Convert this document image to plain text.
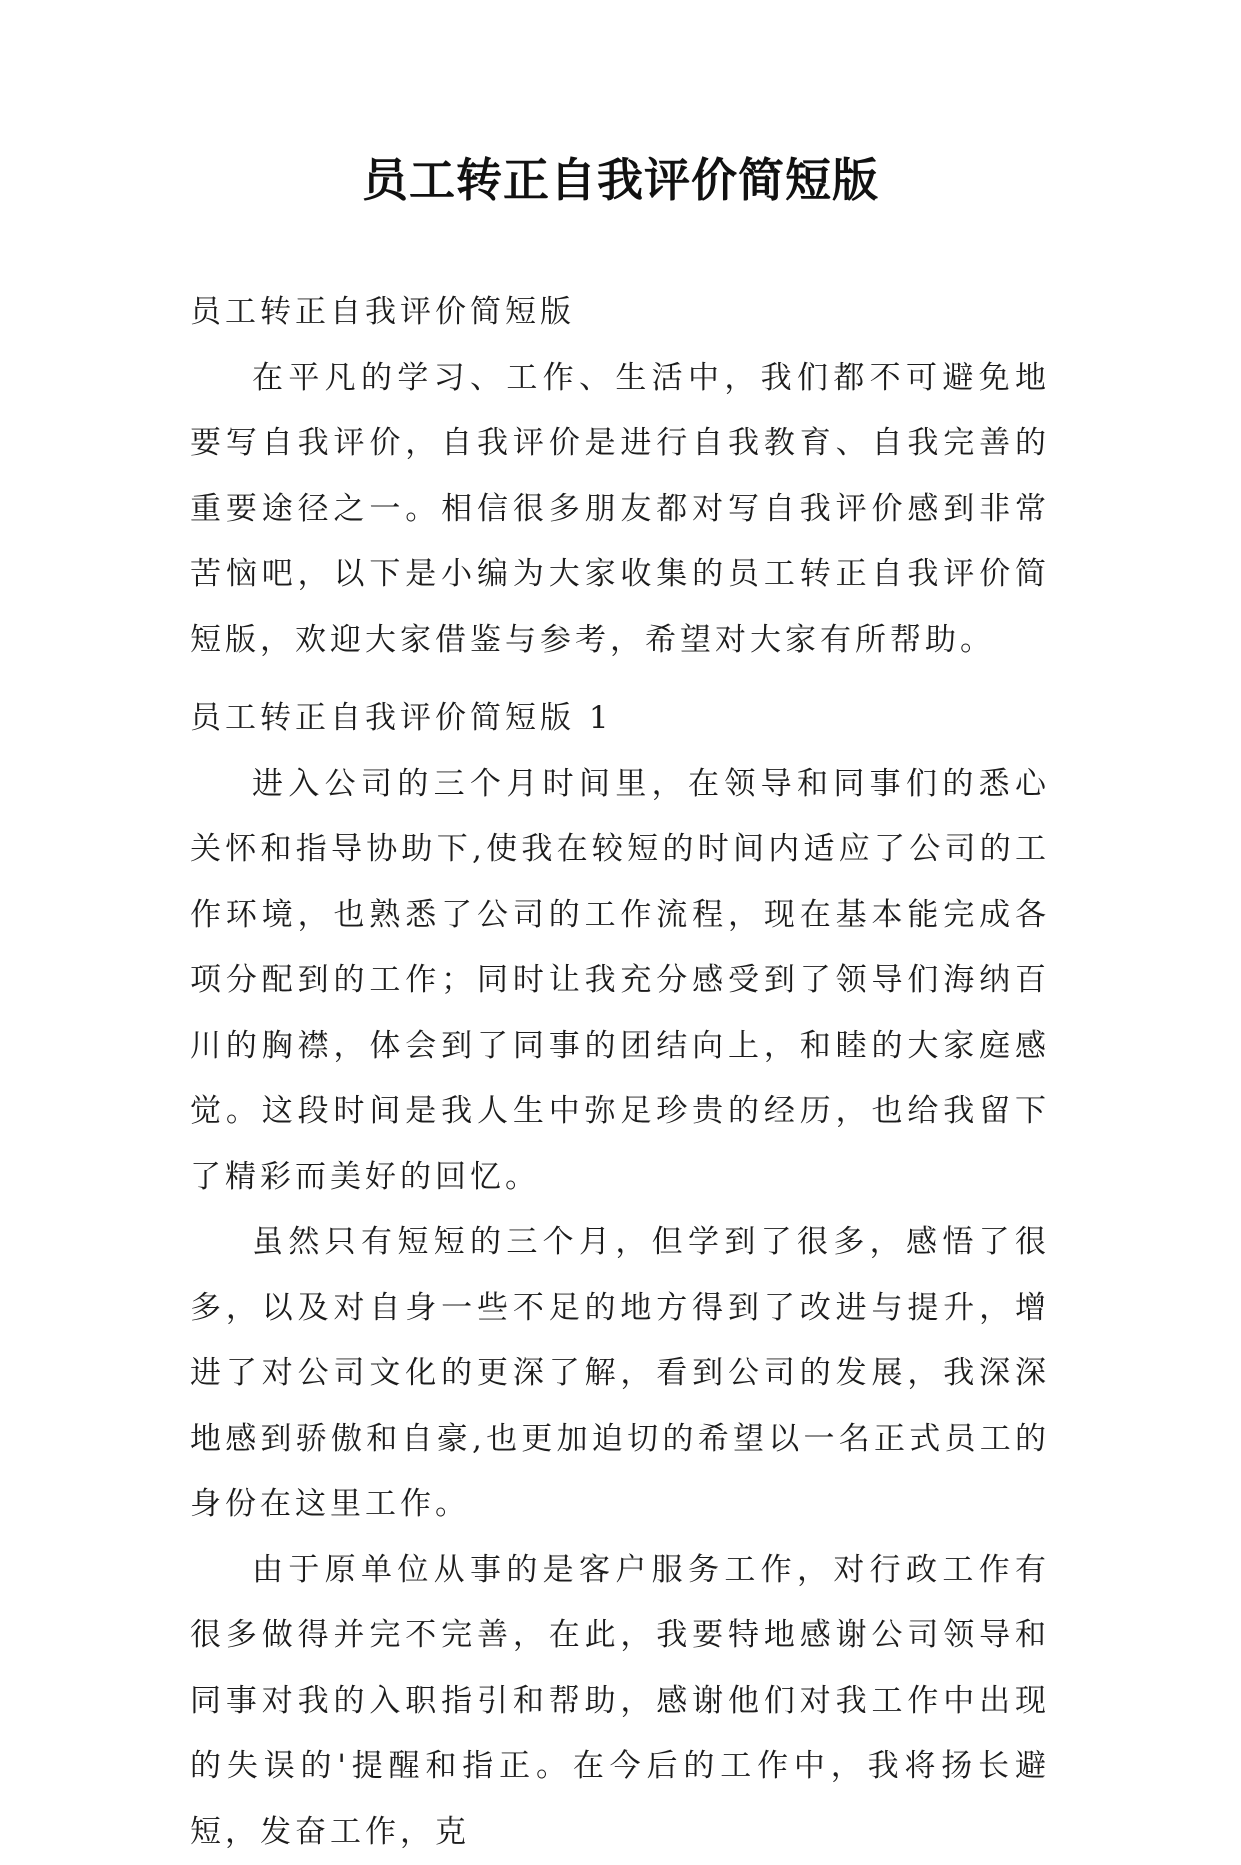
员工转正自我评价简短版

员工转正自我评价简短版

在平凡的学习、工作、生活中，我们都不可避免地要写自我评价，自我评价是进行自我教育、自我完善的重要途径之一。相信很多朋友都对写自我评价感到非常苦恼吧，以下是小编为大家收集的员工转正自我评价简短版，欢迎大家借鉴与参考，希望对大家有所帮助。

员工转正自我评价简短版 1

进入公司的三个月时间里，在领导和同事们的悉心关怀和指导协助下,使我在较短的时间内适应了公司的工作环境，也熟悉了公司的工作流程，现在基本能完成各项分配到的工作；同时让我充分感受到了领导们海纳百川的胸襟，体会到了同事的团结向上，和睦的大家庭感觉。这段时间是我人生中弥足珍贵的经历，也给我留下了精彩而美好的回忆。

虽然只有短短的三个月，但学到了很多，感悟了很多，以及对自身一些不足的地方得到了改进与提升，增进了对公司文化的更深了解，看到公司的发展，我深深地感到骄傲和自豪,也更加迫切的希望以一名正式员工的身份在这里工作。

由于原单位从事的是客户服务工作，对行政工作有很多做得并完不完善，在此，我要特地感谢公司领导和同事对我的入职指引和帮助，感谢他们对我工作中出现的失误的'提醒和指正。在今后的工作中，我将扬长避短，发奋工作，克
